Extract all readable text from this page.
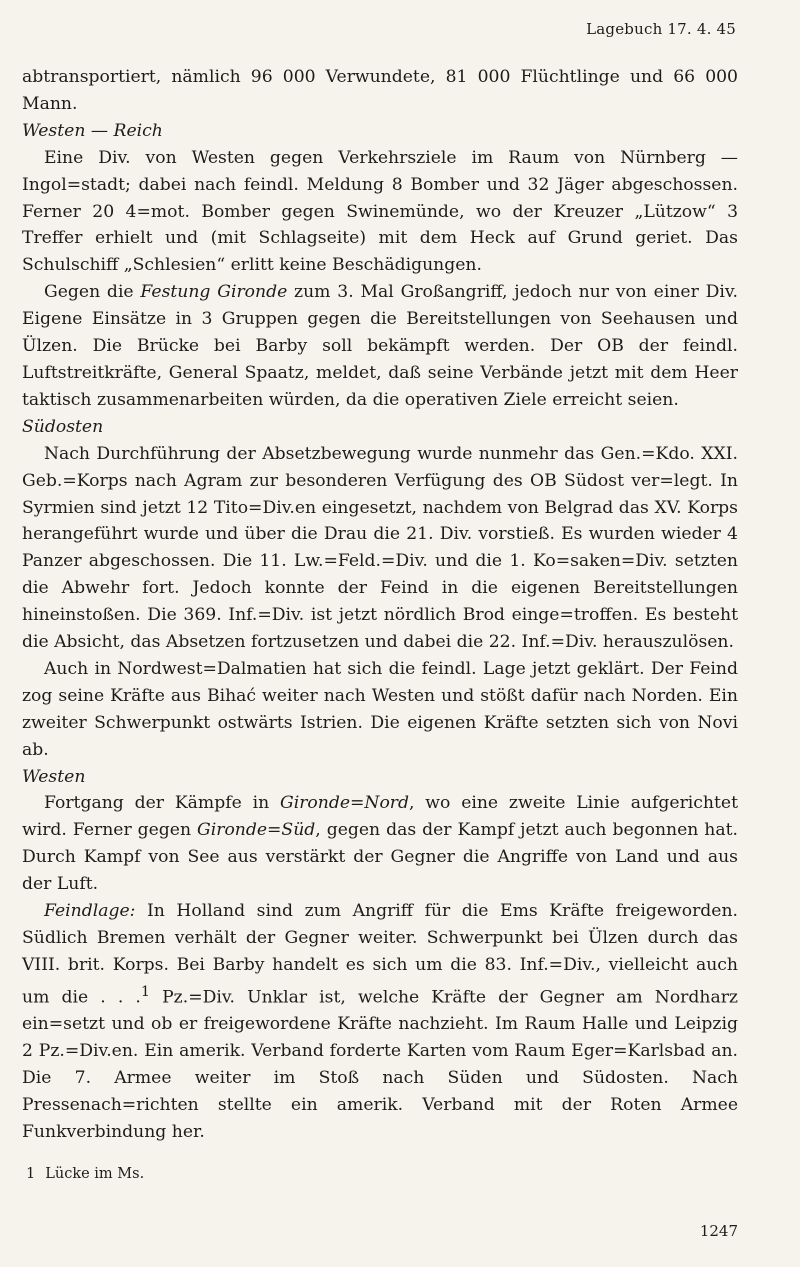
Lagebuch 17. 4. 45

abtransportiert, nämlich 96 000 Verwundete, 81 000 Flüchtlinge und 66 000 Mann.

Westen — Reich

Eine Div. von Westen gegen Verkehrsziele im Raum von Nürnberg — Ingol=stadt; dabei nach feindl. Meldung 8 Bomber und 32 Jäger abgeschossen. Ferner 20 4=mot. Bomber gegen Swinemünde, wo der Kreuzer „Lützow“ 3 Treffer erhielt und (mit Schlagseite) mit dem Heck auf Grund geriet. Das Schulschiff „Schlesien“ erlitt keine Beschädigungen.

Gegen die Festung Gironde zum 3. Mal Großangriff, jedoch nur von einer Div. Eigene Einsätze in 3 Gruppen gegen die Bereitstellungen von Seehausen und Ülzen. Die Brücke bei Barby soll bekämpft werden. Der OB der feindl. Luftstreitkräfte, General Spaatz, meldet, daß seine Verbände jetzt mit dem Heer taktisch zusammenarbeiten würden, da die operativen Ziele erreicht seien.

Südosten

Nach Durchführung der Absetzbewegung wurde nunmehr das Gen.=Kdo. XXI. Geb.=Korps nach Agram zur besonderen Verfügung des OB Südost ver=legt. In Syrmien sind jetzt 12 Tito=Div.en eingesetzt, nachdem von Belgrad das XV. Korps herangeführt wurde und über die Drau die 21. Div. vorstieß. Es wurden wieder 4 Panzer abgeschossen. Die 11. Lw.=Feld.=Div. und die 1. Ko=saken=Div. setzten die Abwehr fort. Jedoch konnte der Feind in die eigenen Bereitstellungen hineinstoßen. Die 369. Inf.=Div. ist jetzt nördlich Brod einge=troffen. Es besteht die Absicht, das Absetzen fortzusetzen und dabei die 22. Inf.=Div. herauszulösen.

Auch in Nordwest=Dalmatien hat sich die feindl. Lage jetzt geklärt. Der Feind zog seine Kräfte aus Bihać weiter nach Westen und stößt dafür nach Norden. Ein zweiter Schwerpunkt ostwärts Istrien. Die eigenen Kräfte setzten sich von Novi ab.

Westen

Fortgang der Kämpfe in Gironde=Nord, wo eine zweite Linie aufgerichtet wird. Ferner gegen Gironde=Süd, gegen das der Kampf jetzt auch begonnen hat. Durch Kampf von See aus verstärkt der Gegner die Angriffe von Land und aus der Luft.

Feindlage: In Holland sind zum Angriff für die Ems Kräfte freigeworden. Südlich Bremen verhält der Gegner weiter. Schwerpunkt bei Ülzen durch das VIII. brit. Korps. Bei Barby handelt es sich um die 83. Inf.=Div., vielleicht auch um die . . .$^1$ Pz.=Div. Unklar ist, welche Kräfte der Gegner am Nordharz ein=setzt und ob er freigewordene Kräfte nachzieht. Im Raum Halle und Leipzig 2 Pz.=Div.en. Ein amerik. Verband forderte Karten vom Raum Eger=Karlsbad an. Die 7. Armee weiter im Stoß nach Süden und Südosten. Nach Pressenach=richten stellte ein amerik. Verband mit der Roten Armee Funkverbindung her.

1 Lücke im Ms.
1247
